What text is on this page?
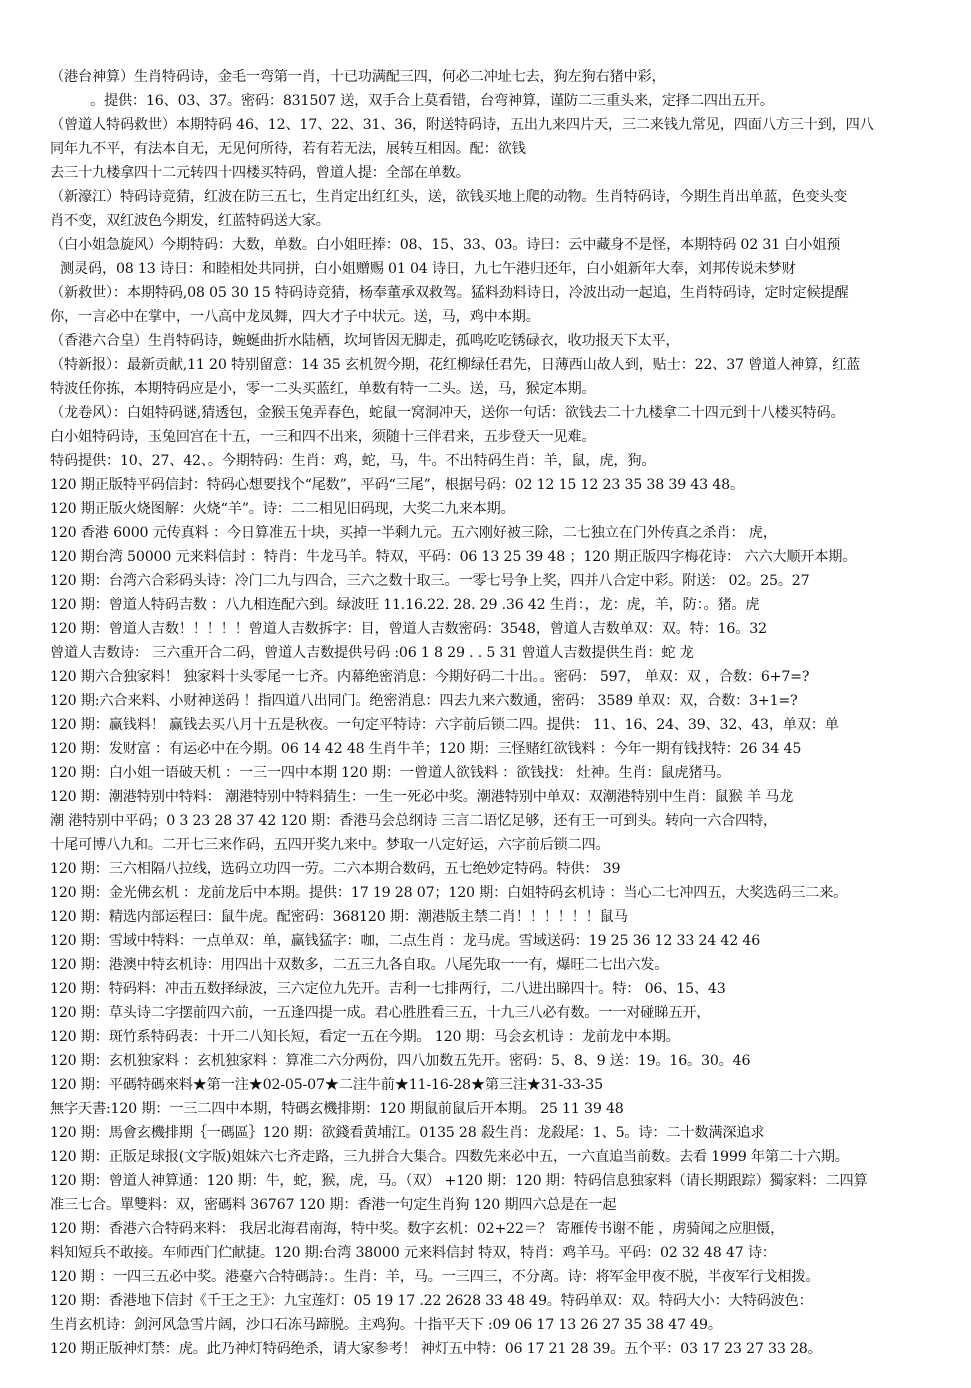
（港台神算）生肖特码诗，金毛一弯第一肖，十已功满配三四，何必二冲址七去，狗左狗右猪中彩，
。提供：16、03、37。密码：831507 送，双手合上莫看错，台弯神算，谨防二三重头来，定择二四出五开。
（曾道人特码救世）本期特码 46、12、17、22、31、36，附送特码诗，五出九来四片天，三二来钱九常见，四面八方三十到，四八
同年九不平，有法本自无，无见何所待，若有若无法，展转互相因。配：欲钱
去三十九楼拿四十二元转四十四楼买特码，曾道人提：全部在单数。
（新濠江）特码诗竞猜，红波在防三五七，生肖定出红红头，送，欲钱买地上爬的动物。生肖特码诗，今期生肖出单蓝，色变头变
肖不变，双红波色今期发，红蓝特码送大家。
（白小姐急旋风）今期特码：大数，单数。白小姐旺捧：08、15、33、03。诗曰：云中藏身不是怪，本期特码 02 31 白小姐预
测灵码，08 13 诗日：和睦相处共同拼，白小姐赠赐 01 04 诗日，九七午港归还年，白小姐新年大奉，刘邦传说未梦财
（新救世）：本期特码,08 05 30 15 特码诗竞猜，杨奉董承双救驾。猛料劲料诗日，冷波出动一起追，生肖特码诗，定时定候提醒
你，一言必中在掌中，一八高中龙凤舞，四大才子中状元。送，马，鸡中本期。
（香港六合皇）生肖特码诗，蜿蜒曲折水陆栖，坎坷皆因无脚走，孤鸣吃吃锈碌衣，收功报天下太平，
（特新报）：最新贡献,11 20 特别留意：14 35 玄机贺今期，花红柳绿任君先，日薄西山故人到，贴士：22、37 曾道人神算，红蓝
特波任你拣，本期特码应是小，零一二头买蓝红，单数有特一二头。送，马，猴定本期。
（龙卷风）：白姐特码谜,猜透包，金猴玉兔弄春色，蛇鼠一窝洞冲天，送你一句话：欲钱去二十九楼拿二十四元到十八楼买特码。
白小姐特码诗，玉兔回宫在十五，一三和四不出来，须随十三伴君来，五步登天一见难。
特码提供：10、27、42、。今期特码：生肖：鸡，蛇，马，牛。不出特码生肖：羊，鼠，虎，狗。
120 期正版特平码信封：特码心想要找个“尾数”，平码“三尾”，根据号码：02 12 15 12 23 35 38 39 43 48。
120 期正版火烧图解：火烧“羊”。诗：二二相见旧码现，大奖二九来本期。
120 香港 6000 元传真料 ：今日算准五十块，买掉一半剩九元。五六刚好被三除，二七独立在门外传真之杀肖： 虎，
120 期台湾 50000 元来料信封 ：特肖：牛龙马羊。特双，平码：06 13 25 39 48 ；120 期正版四字梅花诗： 六六大顺开本期。
120 期：台湾六合彩码头诗：冷门二九与四合，三六之数十取三。一零七号争上奖，四并八合定中彩。附送： 02。25。27
120 期：曾道人特码吉数 ：八九相连配六到。绿波旺 11.16.22. 28. 29 .36 42 生肖：，龙：虎，羊，防：。猪。虎
120 期：曾道人吉数！！！！！曾道人吉数拆字：目，曾道人吉数密码：3548，曾道人吉数单双：双。特：16。32
曾道人吉数诗： 三六重开合二码，曾道人吉数提供号码 :06 1 8 29 . . 5 31 曾道人吉数提供生肖：蛇 龙
120 期六合独家料！ 独家料十头零尾一七齐。内幕绝密消息：今期好码二十出。。密码： 597， 单双：双 ，合数：6+7=?
120 期:六合来料、小财神送码 ！指四道八出同门。绝密消息：四去九来六数通，密码： 3589 单双：双，合数：3+1=?
120 期：赢钱料！ 赢钱去买八月十五是秋夜。一句定平特诗：六字前后锁二四。提供： 11、16、24、39、32、43，单双：单
120 期：发财富 ：有运必中在今期。06 14 42 48 生肖牛羊；120 期：三怪赌红欲钱料 ：今年一期有钱找特：26 34 45
120 期：白小姐一语破天机 ：一三一四中本期 120 期：一曾道人欲钱料 ：欲钱找： 灶神。生肖：鼠虎猪马。
120 期：潮港特别中特料： 潮港特别中特料猜生：一生一死必中奖。潮港特别中单双：双潮港特别中生肖：鼠猴 羊 马龙
潮 港特别中平码；0 3 23 28 37 42 120 期：香港马会总纲诗 三言二语忆足够，还有王一可到头。转向一六合四特，
十尾可博八九和。二开七三来作码，五四开奖九来中。梦取一八定好运，六字前后锁二四。
120 期：三六相隔八拉线，选码立功四一劳。二六本期合数码，五七绝妙定特码。特供： 39
120 期：金光佛玄机 ：龙前龙后中本期。提供：17 19 28 07；120 期：白姐特码玄机诗 ：当心二七冲四五，大奖选码三二来。
120 期：精选内部运程曰：鼠牛虎。配密码：368120 期：潮港版主禁二肖！！！！！！鼠马
120 期：雪域中特料：一点单双：单，赢钱猛字：咖，二点生肖 ：龙马虎。雪域送码：19 25 36 12 33 24 42 46
120 期：港澳中特玄机诗：用四出十双数多，二五三九各自取。八尾先取一一有，爆旺二七出六发。
120 期：特码料：冲击五数择绿波，三六定位九先开。吉利一七排两行，二八进出睇四十。特： 06、15、43
120 期：草头诗二字摆前四六前，一五逢四提一成。君心胜胜看三五，十九三八必有数。一一对碰睇五开，
120 期：斑竹系特码表：十开二八知长短，看定一五在今期。 120 期：马会玄机诗 ：龙前龙中本期。
120 期：玄机独家料 ：玄机独家料 ：算准二六分两份，四八加数五先开。密码：5、8、9 送：19。16。30。46
120 期：平碼特碼來料★第一注★02-05-07★二注牛前★11-16-28★第三注★31-33-35
無字天書:120 期：一三二四中本期，特碼玄機排期：120 期鼠前鼠后开本期。 25 11 39 48
120 期：馬會玄機排期｛一碼區｝120 期：欲錢看黄埔江。0135 28 殺生肖：龙殺尾：1、5。诗：二十数满深追求
120 期：正版足球报(文字版)姐妹六七齐走路，三九拼合大集合。四数先来必中五，一六直追当前数。去看 1999 年第二十六期。
120 期：曾道人神算通：120 期：牛，蛇，猴，虎，马。（双） +120 期：120 期：特码信息独家料（请长期跟踪）獨家料：二四算
准三七合。單雙料：双，密碼料 36767 120 期：香港一句定生肖狗 120 期四六总是在一起
120 期：香港六合特码来料： 我居北海君南海，特中奖。数字玄机：02+22＝？ 寄雁传书谢不能 ，虏骑闻之应胆慑，
料知短兵不敢接。车师西门伫献捷。120 期:台湾 38000 元来料信封 特双，特肖：鸡羊马。平码：02 32 48 47 诗：
120 期 ：一四三五必中奖。港臺六合特碼詩：。生肖：羊，马。一三四三，不分离。诗：将军金甲夜不脱，半夜军行戈相拨。
120 期：香港地下信封《千王之王》：九宝莲灯：05 19 17 .22 2628 33 48 49。特码单双：双。特码大小：大特码波色：
生肖玄机诗：剑河风急雪片阔，沙口石冻马蹄脱。主鸡狗。十指平天下 :09 06 17 13 26 27 35 38 47 49。
120 期正版神灯禁：虎。此乃神灯特码绝杀，请大家参考！ 神灯五中特：06 17 21 28 39。五个平：03 17 23 27 33 28。
